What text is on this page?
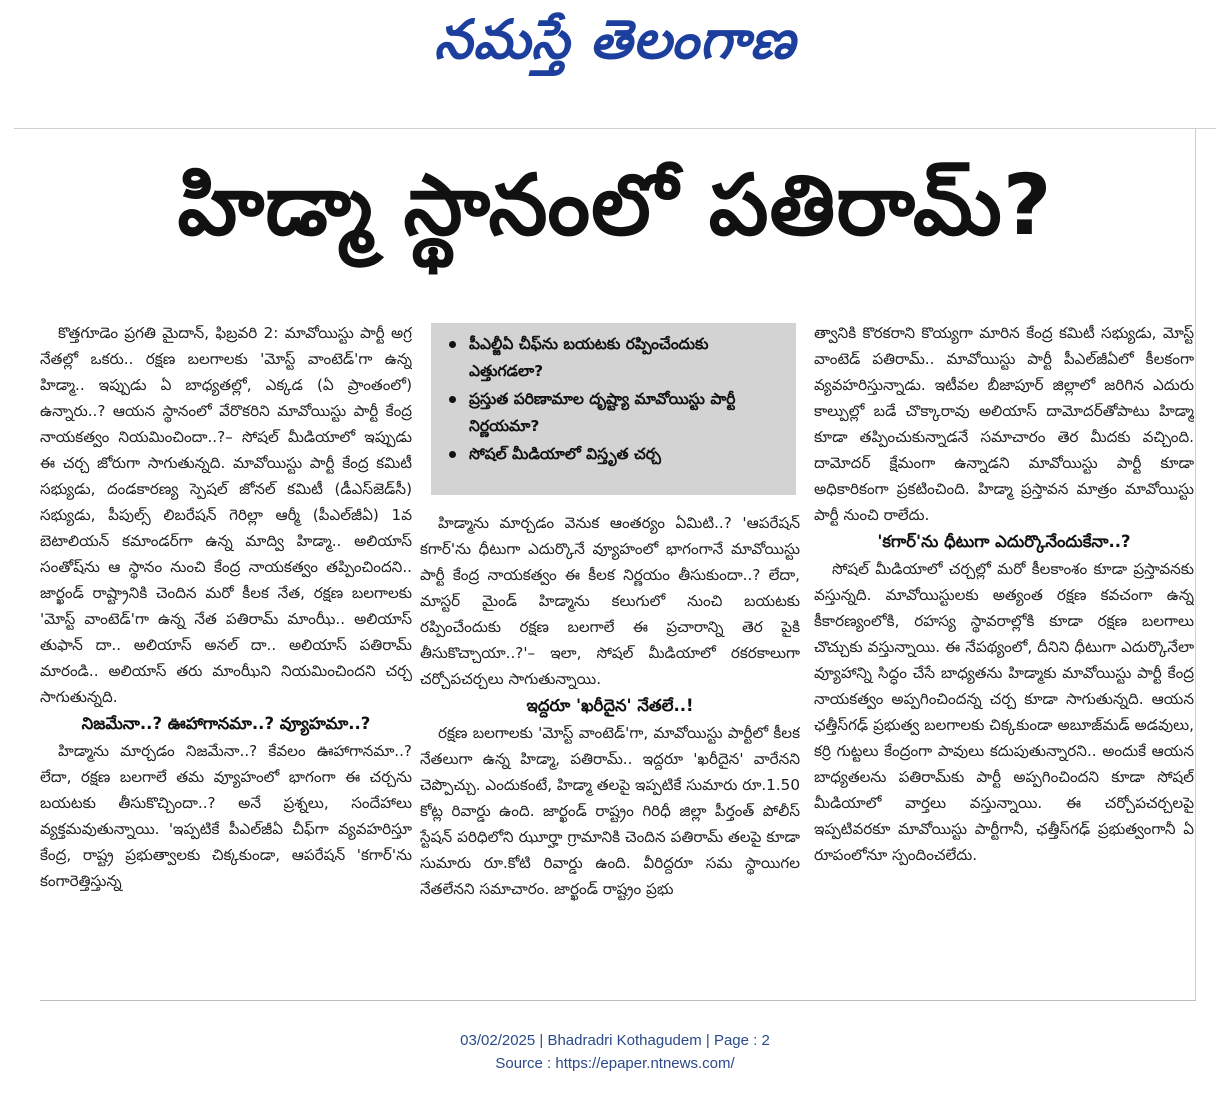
నమస్తే తెలంగాణ
హిడ్మా స్థానంలో పతిరామ్?

కొత్తగూడెం ప్రగతి మైదాన్, ఫిబ్రవరి 2: మావోయిస్టు పార్టీ అగ్ర నేతల్లో ఒకరు.. రక్షణ బలగాలకు 'మోస్ట్ వాంటెడ్'గా ఉన్న హిడ్మా.. ఇప్పుడు ఏ బాధ్యతల్లో, ఎక్కడ (ఏ ప్రాంతంలో) ఉన్నారు..? ఆయన స్థానంలో వేరొకరిని మావోయిస్టు పార్టీ కేంద్ర నాయకత్వం నియమించిందా..?– సోషల్ మీడియాలో ఇప్పుడు ఈ చర్చ జోరుగా సాగుతున్నది. మావోయిస్టు పార్టీ కేంద్ర కమిటీ సభ్యుడు, దండకారణ్య స్పెషల్ జోనల్ కమిటీ (డీఎస్‌జెడ్‌సీ) సభ్యుడు, పీపుల్స్ లిబరేషన్ గెరిల్లా ఆర్మీ (పీఎల్‌జీఏ) 1వ బెటాలియన్ కమాండర్‌గా ఉన్న మాద్వి హిడ్మా.. అలియాస్ సంతోష్‌ను ఆ స్థానం నుంచి కేంద్ర నాయకత్వం తప్పించిందని.. జార్ఖండ్ రాష్ట్రానికి చెందిన మరో కీలక నేత, రక్షణ బలగాలకు 'మోస్ట్ వాంటెడ్'గా ఉన్న నేత పతిరామ్ మాంఝీ.. అలియాస్ తుఫాన్ దా.. అలియాస్ అనల్ దా.. అలియాస్ పతిరామ్ మారండి.. అలియాస్ తరు మాంఝీని నియమించిందని చర్చ సాగుతున్నది.

నిజమేనా..? ఊహాగానమా..? వ్యూహమా..?

హిడ్మాను మార్చడం నిజమేనా..? కేవలం ఊహాగానమా..? లేదా, రక్షణ బలగాలే తమ వ్యూహంలో భాగంగా ఈ చర్చను బయటకు తీసుకొచ్చిందా..? అనే ప్రశ్నలు, సందేహాలు వ్యక్తమవుతున్నాయి. 'ఇప్పటికే పీఎల్‌జీఏ చీఫ్‌గా వ్యవహరిస్తూ కేంద్ర, రాష్ట్ర ప్రభుత్వాలకు చిక్కకుండా, ఆపరేషన్ 'కగార్'ను కంగారెత్తిస్తున్న

పీఎల్జీఏ చీఫ్‌ను బయటకు రప్పించేందుకు ఎత్తుగడలా?
ప్రస్తుత పరిణామాల దృష్ట్యా మావోయిస్టు పార్టీ నిర్ణయమా?
సోషల్ మీడియాలో విస్తృత చర్చ

హిడ్మాను మార్చడం వెనుక ఆంతర్యం ఏమిటి..? 'ఆపరేషన్ కగార్'ను ధీటుగా ఎదుర్కొనే వ్యూహంలో భాగంగానే మావోయిస్టు పార్టీ కేంద్ర నాయకత్వం ఈ కీలక నిర్ణయం తీసుకుందా..? లేదా, మాస్టర్ మైండ్ హిడ్మాను కలుగులో నుంచి బయటకు రప్పించేందుకు రక్షణ బలగాలే ఈ ప్రచారాన్ని తెర పైకి తీసుకొచ్చాయా..?'– ఇలా, సోషల్ మీడియాలో రకరకాలుగా చర్చోపచర్చలు సాగుతున్నాయి.

ఇద్దరూ 'ఖరీదైన' నేతలే..!

రక్షణ బలగాలకు 'మోస్ట్ వాంటెడ్'గా, మావోయిస్టు పార్టీలో కీలక నేతలుగా ఉన్న హిడ్మా, పతిరామ్.. ఇద్దరూ 'ఖరీదైన' వారేనని చెప్పొచ్చు. ఎందుకంటే, హిడ్మా తలపై ఇప్పటికే సుమారు రూ.1.50 కోట్ల రివార్డు ఉంది. జార్ఖండ్ రాష్ట్రం గిరిధీ జిల్లా పీర్తంత్ పోలీస్ స్టేషన్ పరిధిలోని ఝూర్హా గ్రామానికి చెందిన పతిరామ్ తలపై కూడా సుమారు రూ.కోటి రివార్డు ఉంది. వీరిద్దరూ సమ స్థాయిగల నేతలేనని సమాచారం. జార్ఖండ్ రాష్ట్రం ప్రభు

త్వానికి కొరకరాని కొయ్యగా మారిన కేంద్ర కమిటీ సభ్యుడు, మోస్ట్ వాంటెడ్ పతిరామ్.. మావోయిస్టు పార్టీ పీఎల్‌జీఏలో కీలకంగా వ్యవహరిస్తున్నాడు. ఇటీవల బీజాపూర్ జిల్లాలో జరిగిన ఎదురు కాల్పుల్లో బడే చొక్కారావు అలియాస్ దామోదర్‌తోపాటు హిడ్మా కూడా తప్పించుకున్నాడనే సమాచారం తెర మీదకు వచ్చింది. దామోదర్ క్షేమంగా ఉన్నాడని మావోయిస్టు పార్టీ కూడా అధికారికంగా ప్రకటించింది. హిడ్మా ప్రస్తావన మాత్రం మావోయిస్టు పార్టీ నుంచి రాలేదు.

'కగార్'ను ధీటుగా ఎదుర్కొనేందుకేనా..?

సోషల్ మీడియాలో చర్చల్లో మరో కీలకాంశం కూడా ప్రస్తావనకు వస్తున్నది. మావోయిస్టులకు అత్యంత రక్షణ కవచంగా ఉన్న కీకారణ్యంలోకి, రహస్య స్థావరాల్లోకి కూడా రక్షణ బలగాలు చొచ్చుకు వస్తున్నాయి. ఈ నేపథ్యంలో, దీనిని ధీటుగా ఎదుర్కొనేలా వ్యూహాన్ని సిద్ధం చేసే బాధ్యతను హిడ్మాకు మావోయిస్టు పార్టీ కేంద్ర నాయకత్వం అప్పగించిందన్న చర్చ కూడా సాగుతున్నది. ఆయన ఛత్తీస్‌గఢ్ ప్రభుత్వ బలగాలకు చిక్కకుండా అబూజ్‌మడ్ అడవులు, కర్రి గుట్టలు కేంద్రంగా పావులు కదుపుతున్నారని.. అందుకే ఆయన బాధ్యతలను పతిరామ్‌కు పార్టీ అప్పగించిందని కూడా సోషల్ మీడియాలో వార్తలు వస్తున్నాయి. ఈ చర్చోపచర్చలపై ఇప్పటివరకూ మావోయిస్టు పార్టీగానీ, ఛత్తీస్‌గఢ్ ప్రభుత్వంగానీ ఏ రూపంలోనూ స్పందించలేదు.

03/02/2025 | Bhadradri Kothagudem | Page : 2
Source : https://epaper.ntnews.com/
